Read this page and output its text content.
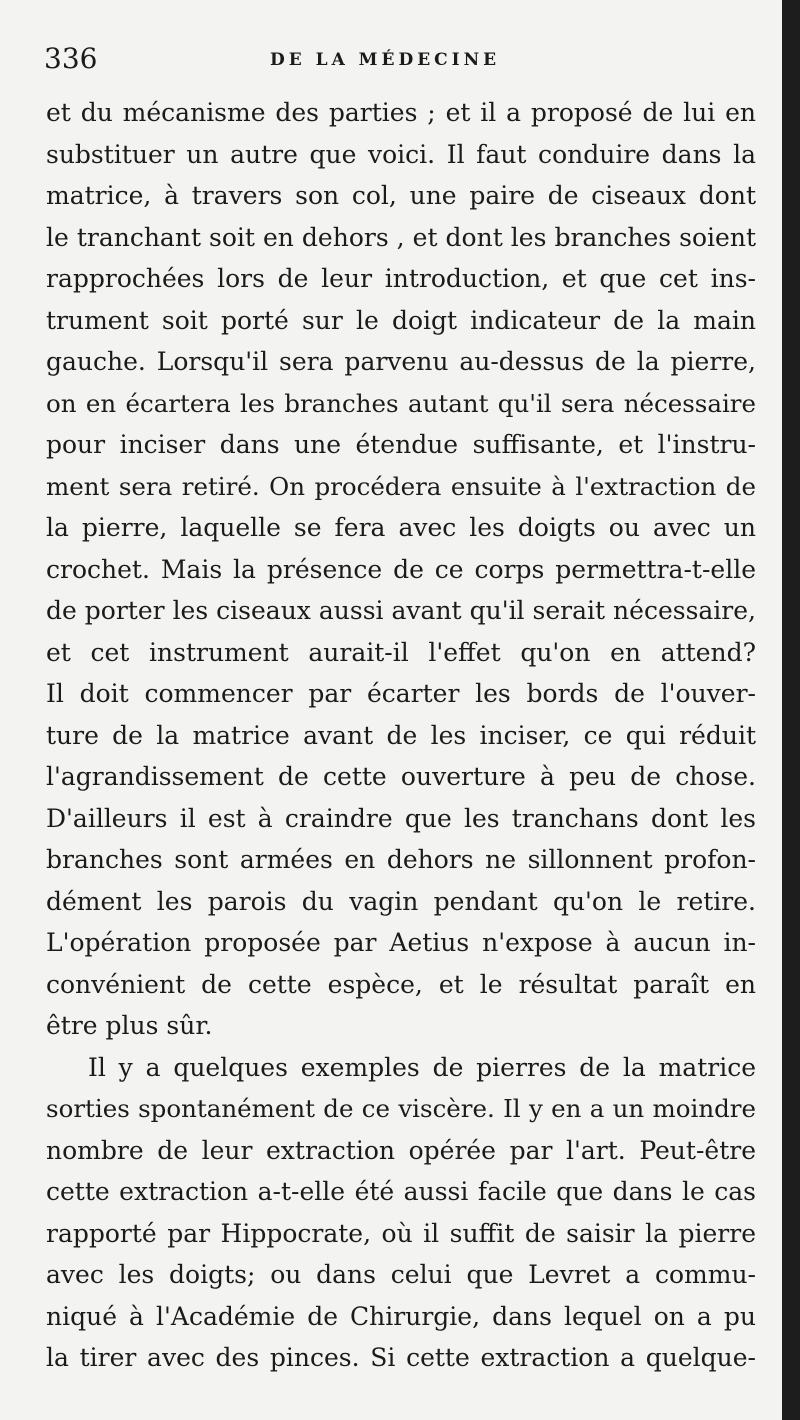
336	DE LA MÉDECINE
et du mécanisme des parties ; et il a proposé de lui en
substituer un autre que voici. Il faut conduire dans la
matrice, à travers son col, une paire de ciseaux dont
le tranchant soit en dehors , et dont les branches soient
rapprochées lors de leur introduction, et que cet ins-
trument soit porté sur le doigt indicateur de la main
gauche. Lorsqu'il sera parvenu au-dessus de la pierre,
on en écartera les branches autant qu'il sera nécessaire
pour inciser dans une étendue suffisante, et l'instru-
ment sera retiré. On procédera ensuite à l'extraction de
la pierre, laquelle se fera avec les doigts ou avec un
crochet. Mais la présence de ce corps permettra-t-elle
de porter les ciseaux aussi avant qu'il serait nécessaire,
et cet instrument aurait-il l'effet qu'on en attend?
Il doit commencer par écarter les bords de l'ouver-
ture de la matrice avant de les inciser, ce qui réduit
l'agrandissement de cette ouverture à peu de chose.
D'ailleurs il est à craindre que les tranchans dont les
branches sont armées en dehors ne sillonnent profon-
dément les parois du vagin pendant qu'on le retire.
L'opération proposée par Aetius n'expose à aucun in-
convénient de cette espèce, et le résultat paraît en
être plus sûr.
Il y a quelques exemples de pierres de la matrice
sorties spontanément de ce viscère. Il y en a un moindre
nombre de leur extraction opérée par l'art. Peut-être
cette extraction a-t-elle été aussi facile que dans le cas
rapporté par Hippocrate, où il suffit de saisir la pierre
avec les doigts; ou dans celui que Levret a commu-
niqué à l'Académie de Chirurgie, dans lequel on a pu
la tirer avec des pinces. Si cette extraction a quelque-
